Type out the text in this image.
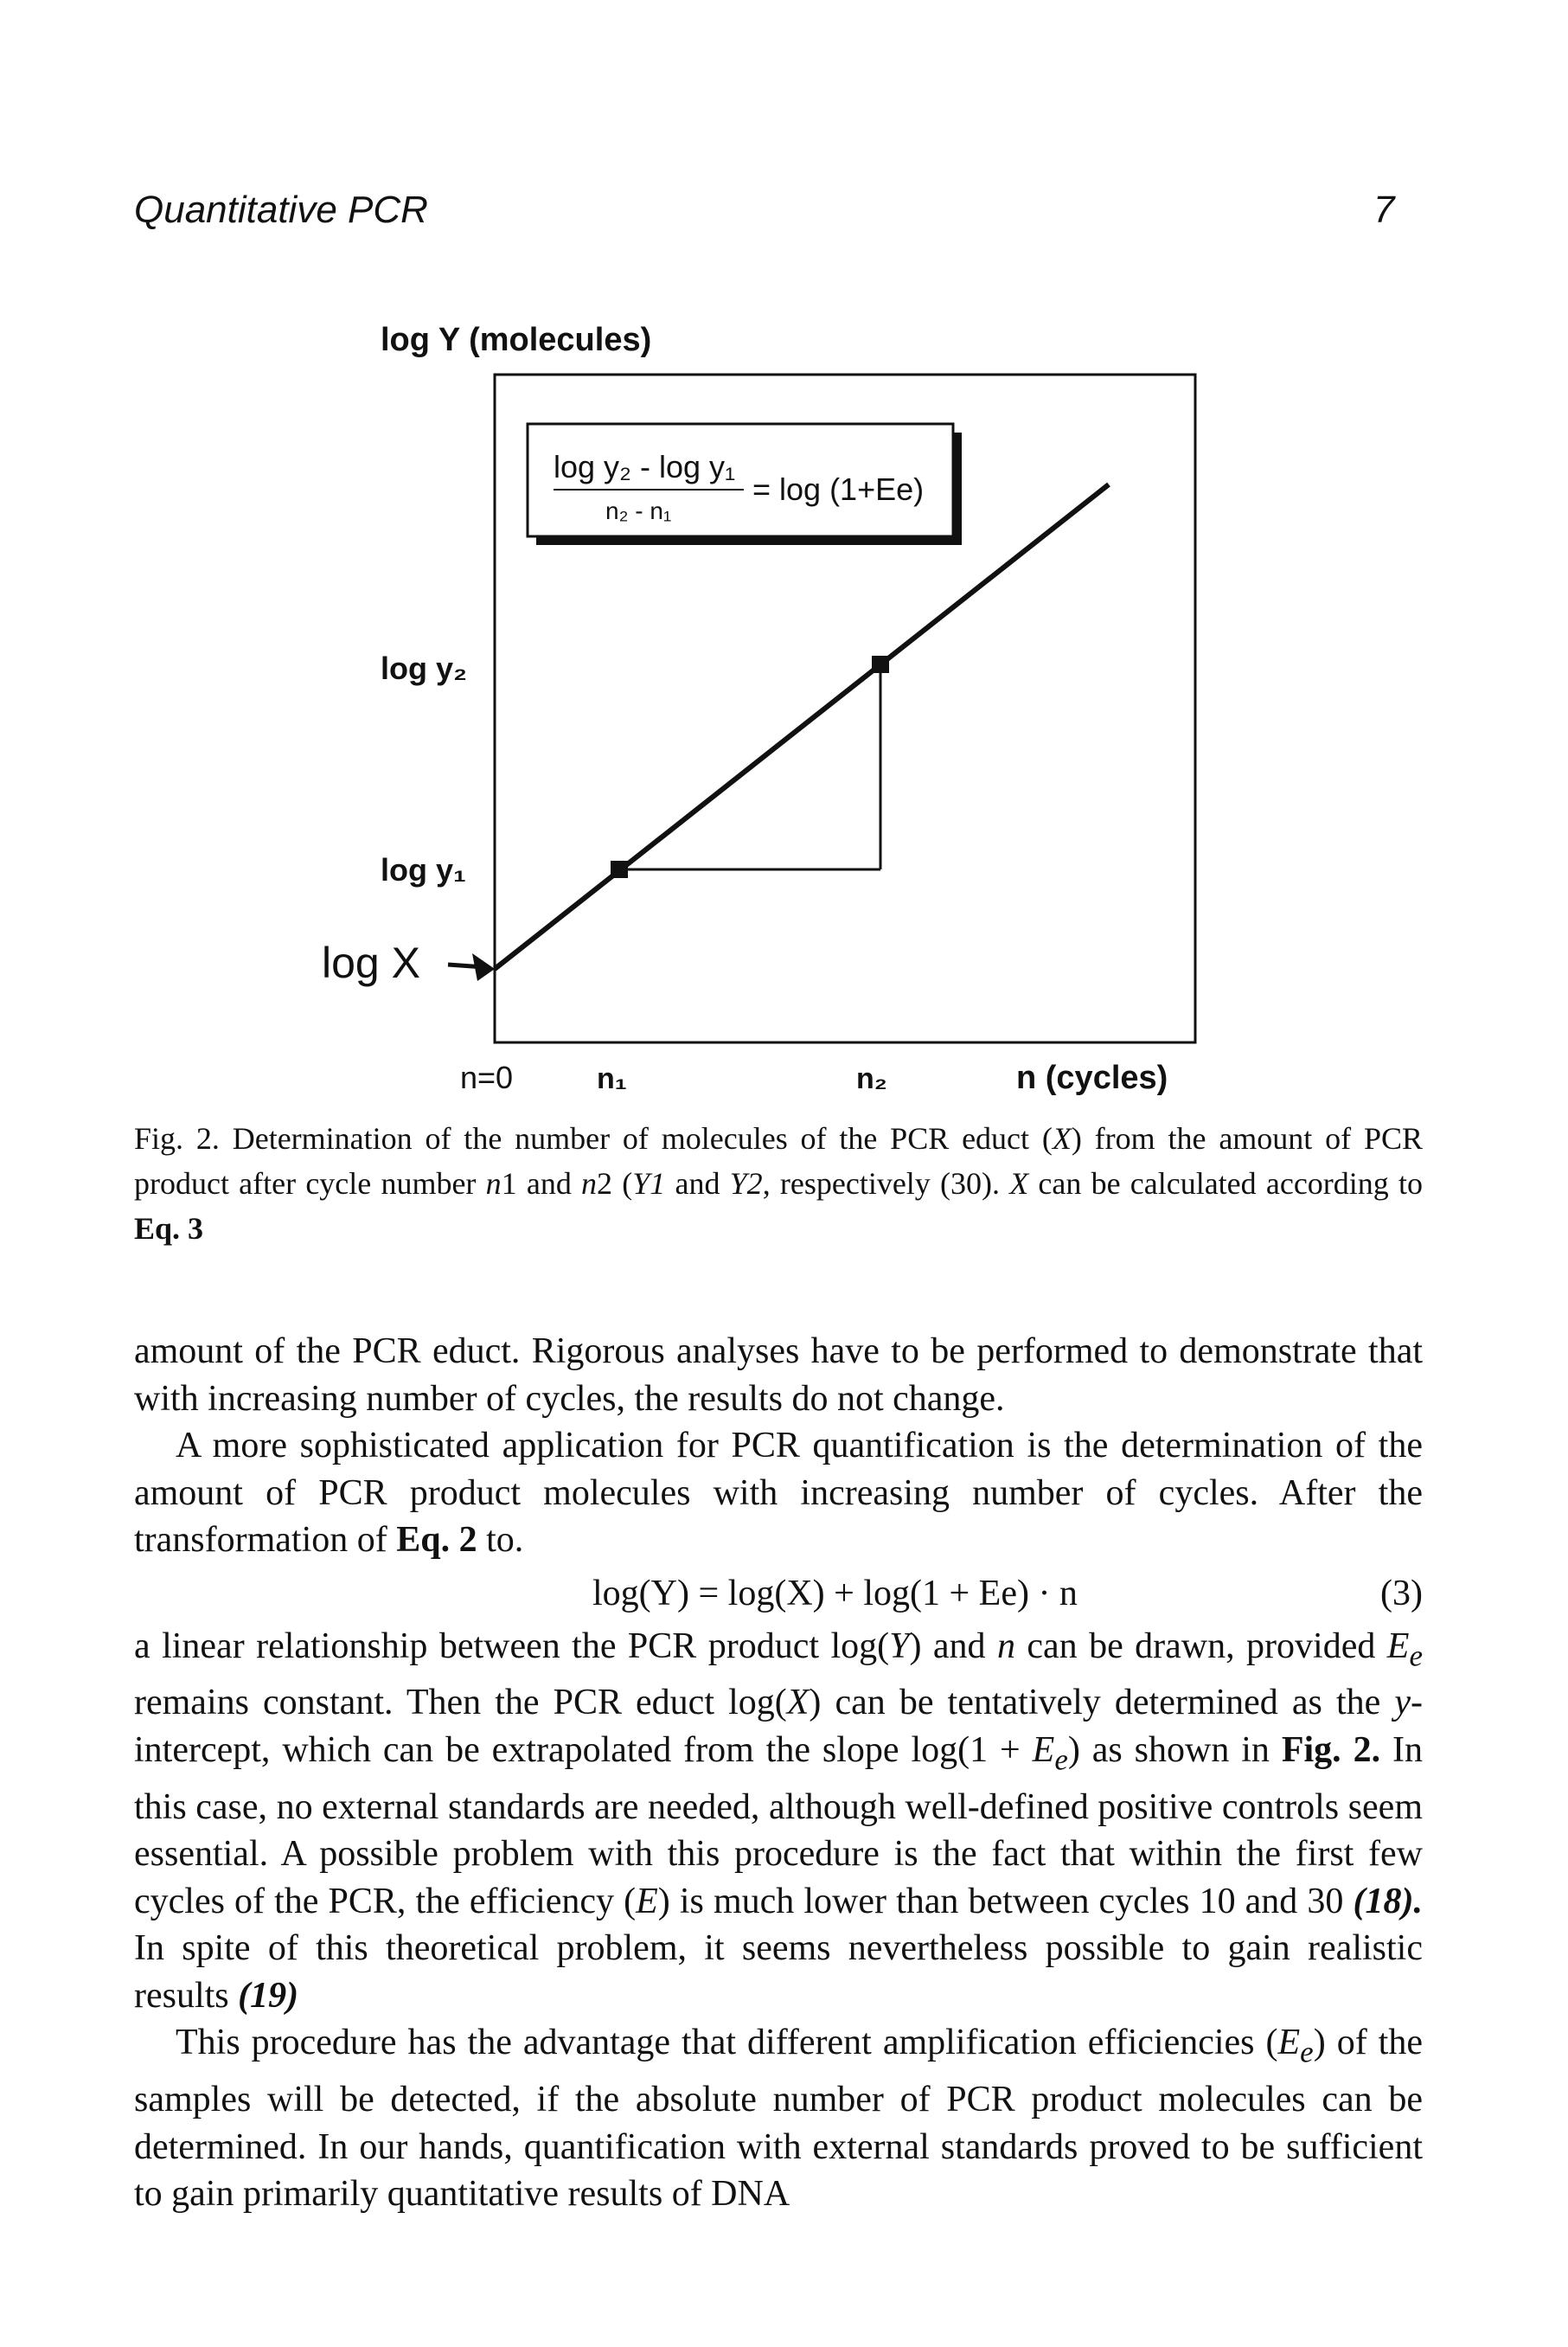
Quantitative PCR	7
log Y (molecules)
log y₂ - log y₁
n₂ - n₁
= log (1+Ee)
log y₂
log y₁
log X
n=0	n₁	n₂	n (cycles)
Fig. 2. Determination of the number of molecules of the PCR educt (X) from the amount of PCR product after cycle number n1 and n2 (Y1 and Y2, respectively (30). X can be calculated according to Eq. 3

amount of the PCR educt. Rigorous analyses have to be performed to demonstrate that with increasing number of cycles, the results do not change.

A more sophisticated application for PCR quantification is the determination of the amount of PCR product molecules with increasing number of cycles. After the transformation of Eq. 2 to.

log(Y) = log(X) + log(1 + Ee) · n	(3)

a linear relationship between the PCR product log(Y) and n can be drawn, provided $E_e$ remains constant. Then the PCR educt log(X) can be tentatively determined as the y-intercept, which can be extrapolated from the slope $\log(1 + E_e)$ as shown in Fig. 2. In this case, no external standards are needed, although well-defined positive controls seem essential. A possible problem with this procedure is the fact that within the first few cycles of the PCR, the efficiency (E) is much lower than between cycles 10 and 30 (18). In spite of this theoretical problem, it seems nevertheless possible to gain realistic results (19)

This procedure has the advantage that different amplification efficiencies $(E_e)$ of the samples will be detected, if the absolute number of PCR product molecules can be determined. In our hands, quantification with external standards proved to be sufficient to gain primarily quantitative results of DNA
